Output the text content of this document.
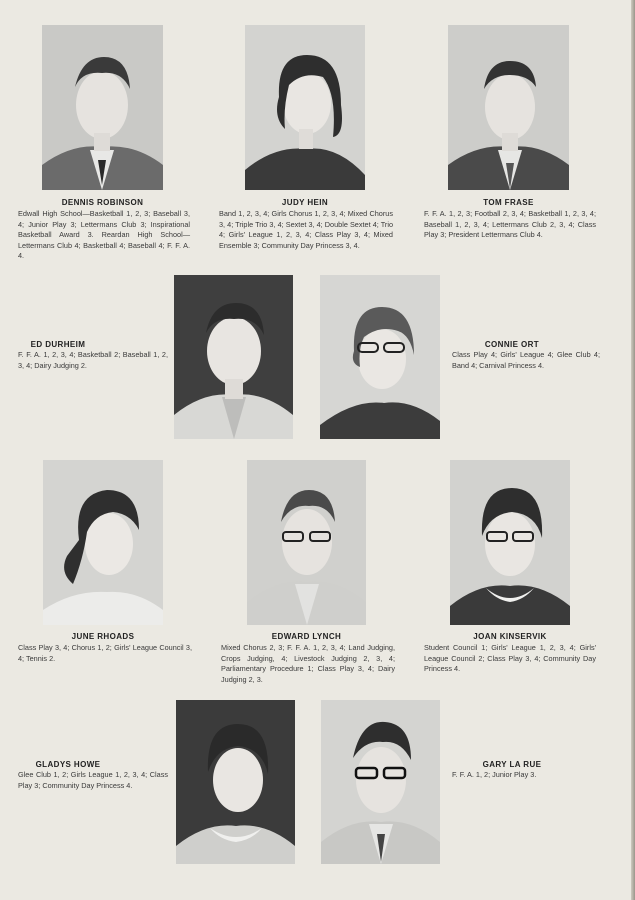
DENNIS ROBINSON
Edwall High School—Basketball 1, 2, 3; Baseball 3, 4; Junior Play 3; Lettermans Club 3; Inspirational Basketball Award 3. Reardan High School—Lettermans Club 4; Basketball 4; Baseball 4; F. F. A. 4.
JUDY HEIN
Band 1, 2, 3, 4; Girls Chorus 1, 2, 3, 4; Mixed Chorus 3, 4; Triple Trio 3, 4; Sextet 3, 4; Double Sextet 4; Trio 4; Girls' League 1, 2, 3, 4; Class Play 3, 4; Mixed Ensemble 3; Community Day Princess 3, 4.
TOM FRASE
F. F. A. 1, 2, 3; Football 2, 3, 4; Basketball 1, 2, 3, 4; Baseball 1, 2, 3, 4; Lettermans Club 2, 3, 4; Class Play 3; President Lettermans Club 4.
ED DURHEIM
F. F. A. 1, 2, 3, 4; Basketball 2; Baseball 1, 2, 3, 4; Dairy Judging 2.
CONNIE ORT
Class Play 4; Girls' League 4; Glee Club 4; Band 4; Carnival Princess 4.
JUNE RHOADS
Class Play 3, 4; Chorus 1, 2; Girls' League Council 3, 4; Tennis 2.
EDWARD LYNCH
Mixed Chorus 2, 3; F. F. A. 1, 2, 3, 4; Land Judging, Crops Judging, 4; Livestock Judging 2, 3, 4; Parliamentary Procedure 1; Class Play 3, 4; Dairy Judging 2, 3.
JOAN KINSERVIK
Student Council 1; Girls' League 1, 2, 3, 4; Girls' League Council 2; Class Play 3, 4; Community Day Princess 4.
GLADYS HOWE
Glee Club 1, 2; Girls League 1, 2, 3, 4; Class Play 3; Community Day Princess 4.
GARY LA RUE
F. F. A. 1, 2; Junior Play 3.
